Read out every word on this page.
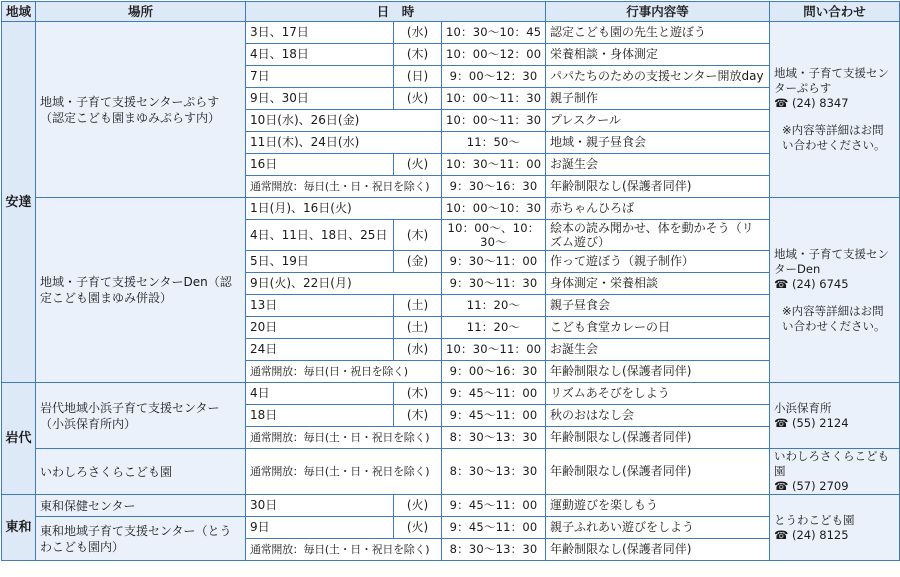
地域	場所	日　時			行事内容等	問い合わせ
安達	地域・子育て支援センターぷらす（認定こども園まゆみぷらす内）	3日、17日	(水)	10：30〜10：45	認定こども園の先生と遊ぼう	地域・子育て支援センターぷらす
☎ (24) 8347
※内容等詳細はお問い合わせください。

		4日、18日	(木)	10：00〜12：00	栄養相談・身体測定	
		7日	(日)	9：00〜12：30	パパたちのための支援センター開放day	
		9日、30日	(火)	10：00〜11：30	親子制作	
		10日(水)、26日(金)		10：00〜11：30	プレスクール	
		11日(木)、24日(水)		11：50〜	地域・親子昼食会	
		16日	(火)	10：30〜11：00	お誕生会	
		通常開放：毎日(土・日・祝日を除く)		9：30〜16：30	年齢制限なし(保護者同伴)	
	地域・子育て支援センターDen（認定こども園まゆみ併設）	1日(月)、16日(火)		10：00〜10：30	赤ちゃんひろば	地域・子育て支援センターDen
☎ (24) 6745
※内容等詳細はお問い合わせください。

		4日、11日、18日、25日	(木)	10：00〜、10：30〜	絵本の読み聞かせ、体を動かそう（リズム遊び）	
		5日、19日	(金)	9：30〜11：00	作って遊ぼう（親子制作）	
		9日(火)、22日(月)		9：30〜11：30	身体測定・栄養相談	
		13日	(土)	11：20〜	親子昼食会	
		20日	(土)	11：20〜	こども食堂カレーの日	
		24日	(水)	10：30〜11：00	お誕生会	
		通常開放：毎日(日・祝日を除く)		9：00〜16：30	年齢制限なし(保護者同伴)	
岩代	岩代地域小浜子育て支援センター（小浜保育所内）	4日	(木)	9：45〜11：00	リズムあそびをしよう	小浜保育所
☎ (55) 2124

		18日	(木)	9：45〜11：00	秋のおはなし会	
		通常開放：毎日(土・日・祝日を除く)		8：30〜13：30	年齢制限なし(保護者同伴)	
	いわしろさくらこども園	通常開放：毎日(土・日・祝日を除く)		8：30〜13：30	年齢制限なし(保護者同伴)	いわしろさくらこども園
☎ (57) 2709

東和	東和保健センター	30日	(火)	9：45〜11：00	運動遊びを楽しもう	とうわこども園
☎ (24) 8125

	東和地域子育て支援センター（とうわこども園内）	9日	(火)	9：45〜11：00	親子ふれあい遊びをしよう	
		通常開放：毎日(土・日・祝日を除く)		8：30〜13：30	年齢制限なし(保護者同伴)	
